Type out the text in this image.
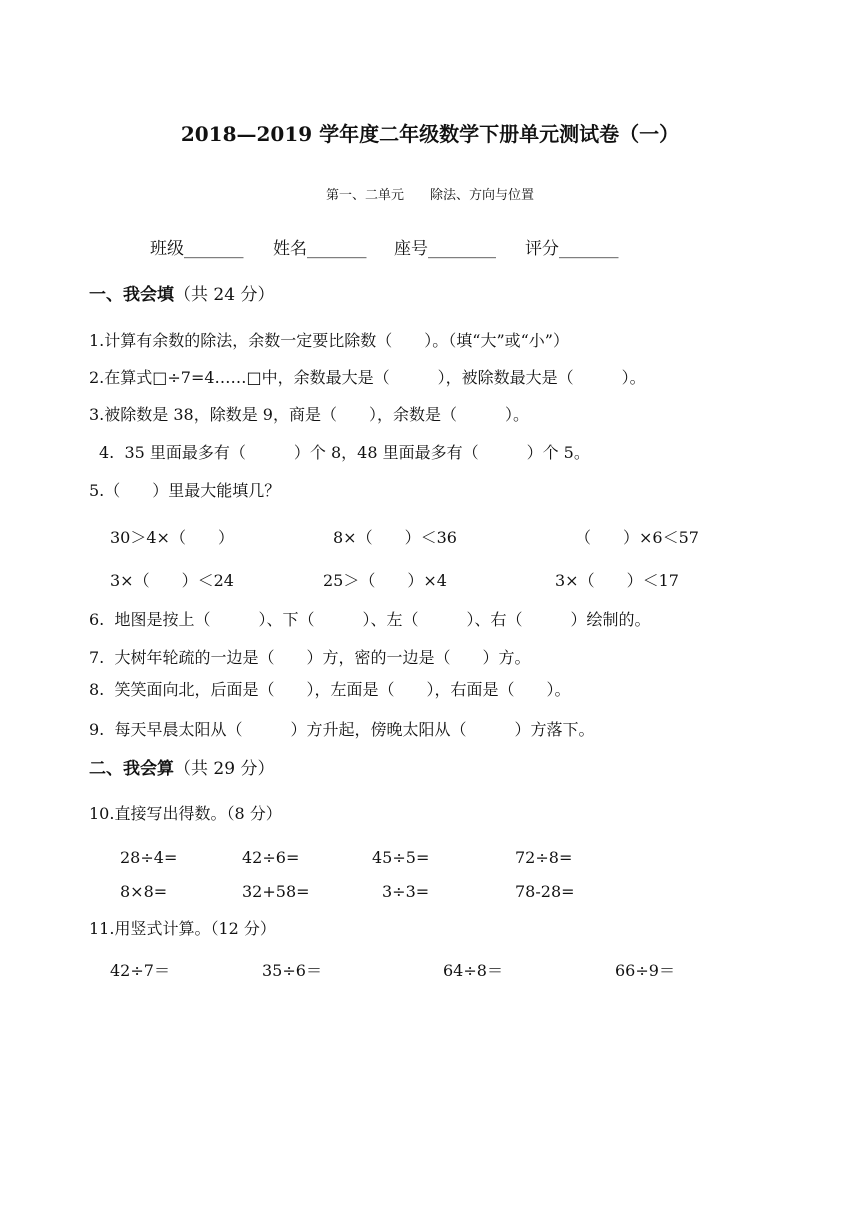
2018—2019 学年度二年级数学下册单元测试卷（一）
第一、二单元　　除法、方向与位置
班级_______ 姓名_______ 座号________ 评分_______
一、我会填（共 24 分）
1.计算有余数的除法，余数一定要比除数（　　）。（填“大”或“小”）
2.在算式□÷7=4……□中，余数最大是（　　　），被除数最大是（　　　）。
3.被除数是 38，除数是 9，商是（　　），余数是（　　　）。
4.  35 里面最多有（　　　）个 8，48 里面最多有（　　　）个 5。
5.（　　）里最大能填几？
30＞4×（　　）	8×（　　）＜36	（　　）×6＜57
3×（　　）＜24	25＞（　　）×4	3×（　　）＜17
6.  地图是按上（　　　）、下（　　　）、左（　　　）、右（　　　）绘制的。
7.  大树年轮疏的一边是（　　）方，密的一边是（　　）方。
8.  笑笑面向北，后面是（　　），左面是（　　），右面是（　　）。
9.  每天早晨太阳从（　　　）方升起，傍晚太阳从（　　　）方落下。
二、我会算（共 29 分）
10.直接写出得数。（8 分）
28÷4=	42÷6=	45÷5=	72÷8=
8×8=	32+58=	3÷3=	78-28=
11.用竖式计算。（12 分）
42÷7＝	35÷6＝	64÷8＝	66÷9＝
